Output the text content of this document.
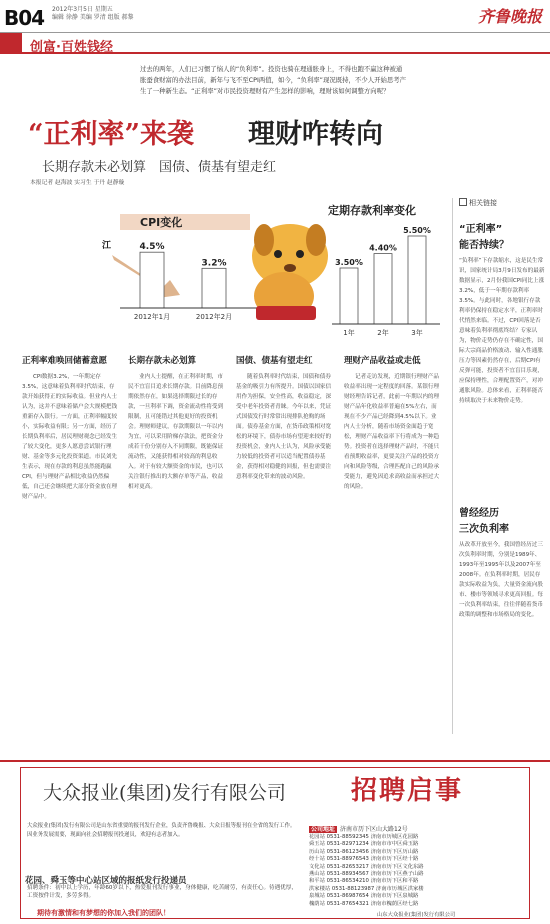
B04 2012年3月5日 星期五
编辑 徐静 美编 罗清 组版 郝黎	齐鲁晚报
创富·百姓钱经
过去的两年，人们已习惯了恼人的“负利率”。投资也骑在理通胀身上，不得也跑不赢这种被通胀蚕食财富的办法目前，新年与飞不至CPI两值，如今，“负利率”现况既持，不少人开始思考产生了一种新生态。“正利率”对市民投资理财有产生怎样的影响，理财该如何调整方向呢？
“正利率”来袭 理财咋转向
长期存款未必划算　国债、债基有望走红
本报记者 赵海波 实习生 于丹 赵静璇
4.5%
2012年1月
3.2%
2012年2月
CPI变化
江
3.50%
1年
4.40%
2年
5.50%
3年
定期存款利率变化
相关链接
“正利率”
能否持续？
“负利率”下存款缩水，这是民生常识，国家统计局3月9日发布的最新数据显示，2月份我国CPI同比上涨3.2%，低于一年期存款利率3.5%。与此同时，各地银行存款利率仍保持在稳定水平，正利率时代悄然来临。不过，CPI回落是否意味着负利率彻底终结？专家认为，物价走势仍存在不确定性，国际大宗商品价格波动、输入性通胀压力等因素仍然存在，后期CPI有反弹可能，投资者不宜盲目乐观，应保持理性，合理配置资产，对冲通胀风险。总体来看，正利率能否持续取决于未来物价走势。
曾经经历
三次负利率
从改革开放至今，我国曾经历过三次负利率时期，分别是1989年、1993年至1995年以及2007年至2008年。在负利率时期，居民存款实际收益为负，大量资金流向股市、楼市等领域寻求更高回报。每一次负利率结束，往往伴随着货币政策的调整和市场格局的变化。
正利率难唤回储蓄意愿
CPI数据3.2%，一年期定存3.5%，这意味着负利率时代结束，存款开始获得正的实际收益。但业内人士认为，这并不意味着储户会大规模把钱重新存入银行。一方面，正利率幅度较小，实际收益有限；另一方面，经历了长期负利率后，居民理财观念已经发生了较大变化，更多人愿意尝试银行理财、基金等多元化投资渠道。市民刘先生表示，现在存款的利息虽然能跑赢CPI，但与理财产品相比收益仍然偏低，自己还会继续把大部分资金放在理财产品中。
长期存款未必划算
业内人士提醒，在正利率时期，市民不宜盲目追求长期存款。目前降息预期依然存在，如果选择期限过长的存款，一旦利率下调，资金流动性将受到限制，且可能错过其他更好的投资机会。理财师建议，存款期限以一年以内为宜，可以采用阶梯存款法，把资金分成若干份分别存入不同期限，既能保证流动性，又能获得相对较高的利息收入。对于有较大额资金的市民，也可以关注银行推出的大额存单等产品，收益相对更高。
国债、债基有望走红
随着负利率时代结束，国债和债券基金的吸引力有所提升。国债以国家信用作为担保，安全性高，收益稳定，深受中老年投资者青睐。今年以来，凭证式国债发行时常常出现排队抢购的场面。债券基金方面，在货币政策相对宽松的环境下，债券市场有望迎来较好的投资机会，业内人士认为，风险承受能力较低的投资者可以适当配置债券基金，获得相对稳健的回报，但也需要注意利率变化带来的波动风险。
理财产品收益或走低
记者走访发现，近期银行理财产品收益率出现一定程度的回落。某银行理财经理告诉记者，此前一年期以内的理财产品年化收益率普遍在5%左右，而现在不少产品已经降到4.5%以下。业内人士分析，随着市场资金面趋于宽松，理财产品收益率下行将成为一种趋势。投资者在选择理财产品时，不能只看预期收益率，更要关注产品的投资方向和风险等级，合理匹配自己的风险承受能力，避免因追求高收益而承担过大的风险。
大众报业(集团)发行有限公司	招聘启事
大众报业(集团)发行有限公司是山东省重要的报刊发行企业，负责齐鲁晚报、大众日报等报刊在全省的发行工作。因业务发展需要，现面向社会招聘报刊投递员，欢迎有志者加入。
花园、舜玉等中心站区域的报纸发行投递员
招聘条件：初中以上学历，年龄60岁以下，热爱报刊发行事业，身体健康，吃苦耐劳，有责任心。待遇优厚，工资按件计发，多劳多得。
期待有激情和有梦想的你加入我们的团队！
公司地址 济南市历下区山大路12号
花园站 0531-88592345 济南市历城区花园路
舜玉站 0531-82971234 济南市市中区舜玉路
历山站 0531-86123456 济南市历下区历山路
经十站 0531-88976543 济南市历下区经十路
文化站 0531-82653217 济南市历下区文化东路
燕山站 0531-88934567 济南市历下区燕子山路
和平站 0531-86534210 济南市历下区和平路
洪家楼站 0531-88123987 济南市历城区洪家楼
泉城站 0531-86987654 济南市历下区泉城路
槐荫站 0531-87654321 济南市槐荫区经七路
山东大众报业(集团)发行有限公司
